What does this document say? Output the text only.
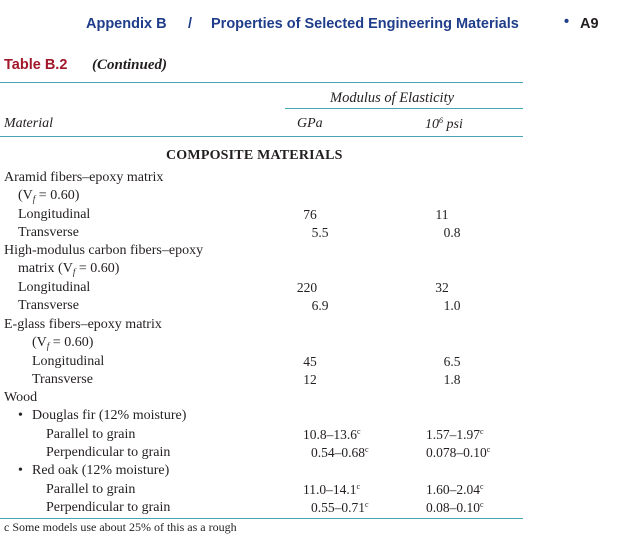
Appendix B / Properties of Selected Engineering Materials	• A9
Table B.2 (Continued)
Modulus of Elasticity
Material	GPa	$10^6$ psi
COMPOSITE MATERIALS
Aramid fibers–epoxy matrix
$(V_f = 0.60)$
Longitudinal	76	11
Transverse	5.5	0.8
High-modulus carbon fibers–epoxy
matrix $(V_f = 0.60)$
Longitudinal	220	32
Transverse	6.9	1.0
E-glass fibers–epoxy matrix
$(V_f = 0.60)$
Longitudinal	45	6.5
Transverse	12	1.8
Wood
• Douglas fir (12% moisture)
Parallel to grain	10.8–13.6$^c$	1.57–1.97$^c$
Perpendicular to grain	0.54–0.68$^c$	0.078–0.10$^c$
• Red oak (12% moisture)
Parallel to grain	11.0–14.1$^c$	1.60–2.04$^c$
Perpendicular to grain	0.55–0.71$^c$	0.08–0.10$^c$
c Some models use about 25% of this as a rough
